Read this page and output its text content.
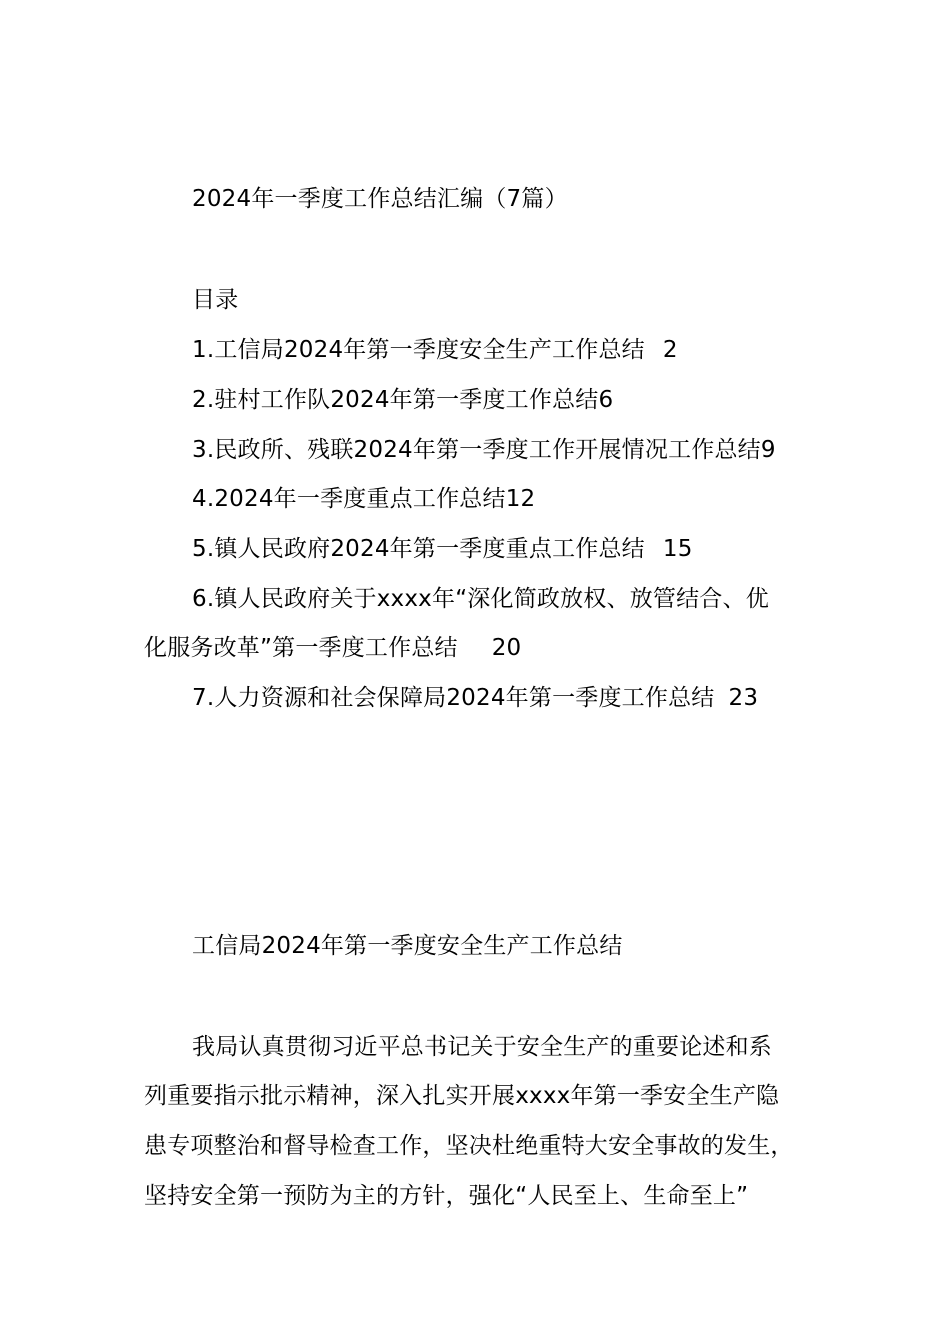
2024年一季度工作总结汇编（7篇）
目录
1.工信局2024年第一季度安全生产工作总结 2
2.驻村工作队2024年第一季度工作总结6
3.民政所、残联2024年第一季度工作开展情况工作总结9
4.2024年一季度重点工作总结12
5.镇人民政府2024年第一季度重点工作总结 15
6.镇人民政府关于xxxx年“深化简政放权、放管结合、优
化服务改革”第一季度工作总结 20
7.人力资源和社会保障局2024年第一季度工作总结 23
工信局2024年第一季度安全生产工作总结
我局认真贯彻习近平总书记关于安全生产的重要论述和系
列重要指示批示精神，深入扎实开展xxxx年第一季安全生产隐
患专项整治和督导检查工作，坚决杜绝重特大安全事故的发生，
坚持安全第一预防为主的方针，强化“人民至上、生命至上”
